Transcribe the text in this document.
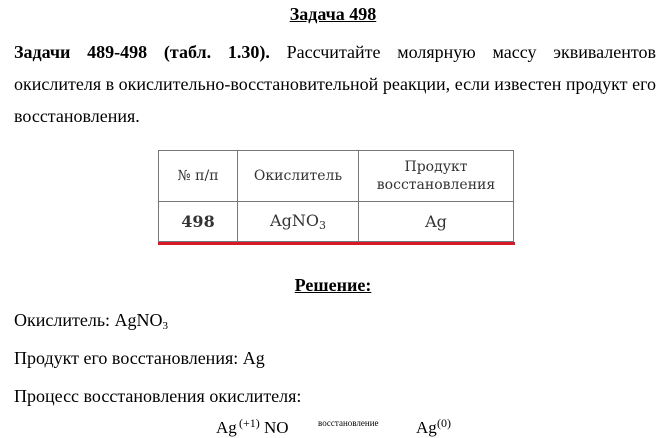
Задача 498
Задачи 489-498 (табл. 1.30). Рассчитайте молярную массу эквивалентов окислителя в окислительно-восстановительной реакции, если известен продукт его восстановления.
№ п/п	Окислитель	Продукт восстановления
498	AgNO$_3$	Ag
Решение:
Окислитель: AgNO$_3$
Продукт его восстановления: Ag
Процесс восстановления окислителя:
Ag (+1) NO	восстановление Ag (0)
